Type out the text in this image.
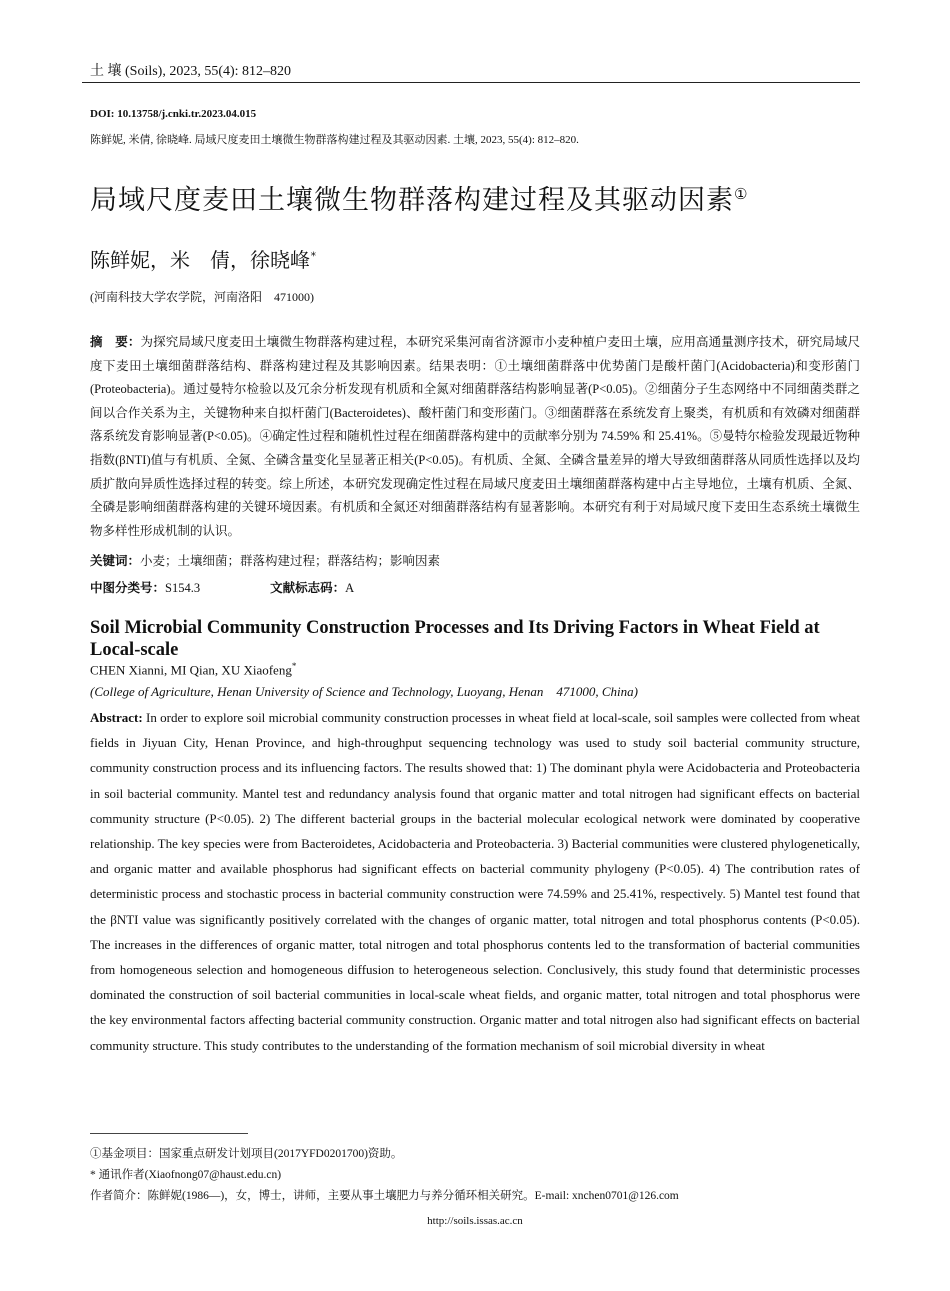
土 壤 (Soils), 2023, 55(4): 812–820
DOI: 10.13758/j.cnki.tr.2023.04.015
陈鲜妮, 米倩, 徐晓峰. 局域尺度麦田土壤微生物群落构建过程及其驱动因素. 土壤, 2023, 55(4): 812–820.
局域尺度麦田土壤微生物群落构建过程及其驱动因素①
陈鲜妮，米　倩，徐晓峰*
(河南科技大学农学院，河南洛阳　471000)
摘　要：为探究局域尺度麦田土壤微生物群落构建过程，本研究采集河南省济源市小麦种植户麦田土壤，应用高通量测序技术，研究局域尺度下麦田土壤细菌群落结构、群落构建过程及其影响因素。结果表明：①土壤细菌群落中优势菌门是酸杆菌门(Acidobacteria)和变形菌门(Proteobacteria)。通过曼特尔检验以及冗余分析发现有机质和全氮对细菌群落结构影响显著(P<0.05)。②细菌分子生态网络中不同细菌类群之间以合作关系为主，关键物种来自拟杆菌门(Bacteroidetes)、酸杆菌门和变形菌门。③细菌群落在系统发育上聚类，有机质和有效磷对细菌群落系统发育影响显著(P<0.05)。④确定性过程和随机性过程在细菌群落构建中的贡献率分别为 74.59% 和 25.41%。⑤曼特尔检验发现最近物种指数(βNTI)值与有机质、全氮、全磷含量变化呈显著正相关(P<0.05)。有机质、全氮、全磷含量差异的增大导致细菌群落从同质性选择以及均质扩散向异质性选择过程的转变。综上所述，本研究发现确定性过程在局域尺度麦田土壤细菌群落构建中占主导地位，土壤有机质、全氮、全磷是影响细菌群落构建的关键环境因素。有机质和全氮还对细菌群落结构有显著影响。本研究有利于对局域尺度下麦田生态系统土壤微生物多样性形成机制的认识。
关键词：小麦；土壤细菌；群落构建过程；群落结构；影响因素
中图分类号：S154.3	文献标志码：A
Soil Microbial Community Construction Processes and Its Driving Factors in Wheat Field at Local-scale
CHEN Xianni, MI Qian, XU Xiaofeng*
(College of Agriculture, Henan University of Science and Technology, Luoyang, Henan　471000, China)
Abstract: In order to explore soil microbial community construction processes in wheat field at local-scale, soil samples were collected from wheat fields in Jiyuan City, Henan Province, and high-throughput sequencing technology was used to study soil bacterial community structure, community construction process and its influencing factors. The results showed that: 1) The dominant phyla were Acidobacteria and Proteobacteria in soil bacterial community. Mantel test and redundancy analysis found that organic matter and total nitrogen had significant effects on bacterial community structure (P<0.05). 2) The different bacterial groups in the bacterial molecular ecological network were dominated by cooperative relationship. The key species were from Bacteroidetes, Acidobacteria and Proteobacteria. 3) Bacterial communities were clustered phylogenetically, and organic matter and available phosphorus had significant effects on bacterial community phylogeny (P<0.05). 4) The contribution rates of deterministic process and stochastic process in bacterial community construction were 74.59% and 25.41%, respectively. 5) Mantel test found that the βNTI value was significantly positively correlated with the changes of organic matter, total nitrogen and total phosphorus contents (P<0.05). The increases in the differences of organic matter, total nitrogen and total phosphorus contents led to the transformation of bacterial communities from homogeneous selection and homogeneous diffusion to heterogeneous selection. Conclusively, this study found that deterministic processes dominated the construction of soil bacterial communities in local-scale wheat fields, and organic matter, total nitrogen and total phosphorus were the key environmental factors affecting bacterial community construction. Organic matter and total nitrogen also had significant effects on bacterial community structure. This study contributes to the understanding of the formation mechanism of soil microbial diversity in wheat
①基金项目：国家重点研发计划项目(2017YFD0201700)资助。
* 通讯作者(Xiaofnong07@haust.edu.cn)
作者简介：陈鲜妮(1986—)，女，博士，讲师，主要从事土壤肥力与养分循环相关研究。E-mail: xnchen0701@126.com
http://soils.issas.ac.cn
